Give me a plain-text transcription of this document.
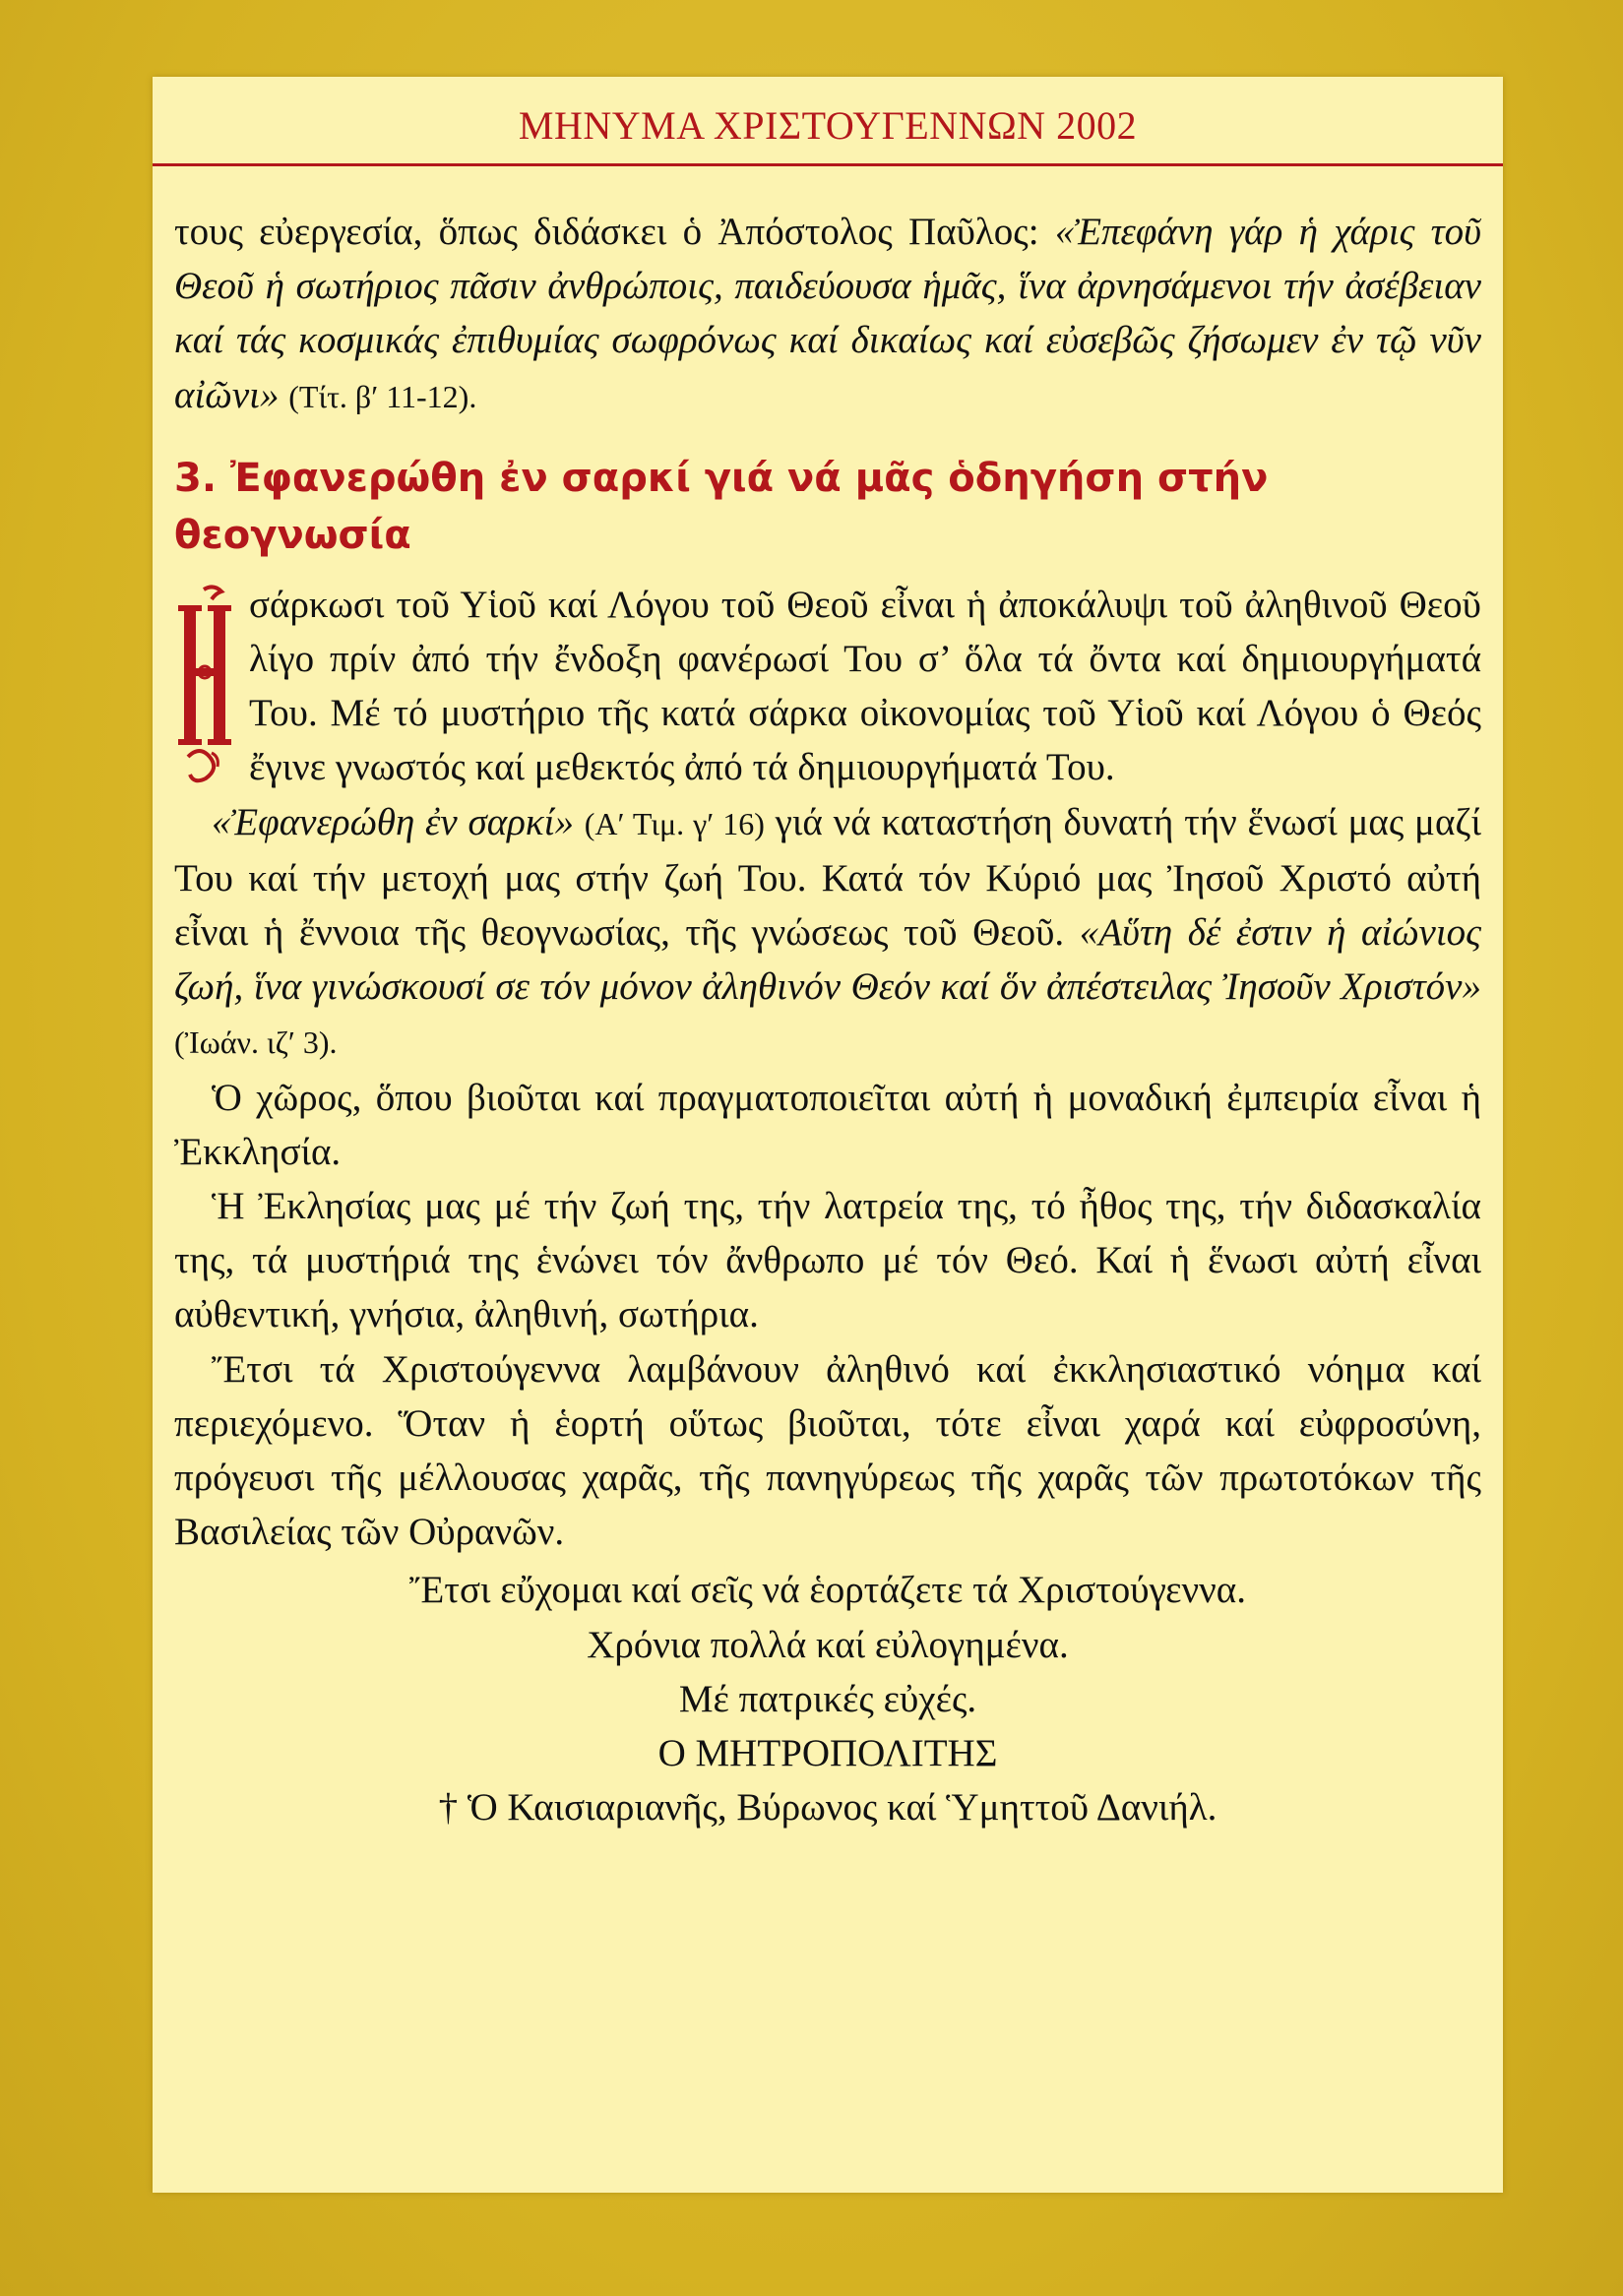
ΜΗΝΥΜΑ ΧΡΙΣΤΟΥΓΕΝΝΩΝ 2002

τους εὐεργεσία, ὅπως διδάσκει ὁ Ἀπόστολος Παῦλος: «Ἐπεφάνη γάρ ἡ χάρις τοῦ Θεοῦ ἡ σωτήριος πᾶσιν ἀνθρώποις, παιδεύουσα ἡμᾶς, ἵνα ἀρνησάμενοι τήν ἀσέβειαν καί τάς κοσμικάς ἐπιθυμίας σωφρόνως καί δικαίως καί εὐσεβῶς ζήσωμεν ἐν τῷ νῦν αἰῶνι» (Τίτ. β′ 11-12).

3. Ἐφανερώθη ἐν σαρκί γιά νά μᾶς ὁδηγήση στήν θεογνωσία

σάρκωσι τοῦ Υἱοῦ καί Λόγου τοῦ Θεοῦ εἶναι ἡ ἀποκάλυψι τοῦ ἀληθινοῦ Θεοῦ λίγο πρίν ἀπό τήν ἔνδοξη φανέρωσί Του σ’ ὅλα τά ὄντα καί δημιουργήματά Του. Μέ τό μυστήριο τῆς κατά σάρκα οἰκονομίας τοῦ Υἱοῦ καί Λόγου ὁ Θεός ἔγινε γνωστός καί μεθεκτός ἀπό τά δημιουργήματά Του.

«Ἐφανερώθη ἐν σαρκί» (Α′ Τιμ. γ′ 16) γιά νά καταστήση δυνατή τήν ἕνωσί μας μαζί Του καί τήν μετοχή μας στήν ζωή Του. Κατά τόν Κύριό μας Ἰησοῦ Χριστό αὐτή εἶναι ἡ ἔννοια τῆς θεογνωσίας, τῆς γνώσεως τοῦ Θεοῦ. «Αὕτη δέ ἐστιν ἡ αἰώνιος ζωή, ἵνα γινώσκουσί σε τόν μόνον ἀληθινόν Θεόν καί ὅν ἀπέστειλας Ἰησοῦν Χριστόν» (Ἰωάν. ιζ′ 3).

Ὁ χῶρος, ὅπου βιοῦται καί πραγματοποιεῖται αὐτή ἡ μοναδική ἐμπειρία εἶναι ἡ Ἐκκλησία.

Ἡ Ἐκλησίας μας μέ τήν ζωή της, τήν λατρεία της, τό ἦθος της, τήν διδασκαλία της, τά μυστήριά της ἑνώνει τόν ἄνθρωπο μέ τόν Θεό. Καί ἡ ἕνωσι αὐτή εἶναι αὐθεντική, γνήσια, ἀληθινή, σωτήρια.

Ἔτσι τά Χριστούγεννα λαμβάνουν ἀληθινό καί ἐκκλησιαστικό νόημα καί περιεχόμενο. Ὅταν ἡ ἑορτή οὕτως βιοῦται, τότε εἶναι χαρά καί εὐφροσύνη, πρόγευσι τῆς μέλλουσας χαρᾶς, τῆς πανηγύρεως τῆς χαρᾶς τῶν πρωτοτόκων τῆς Βασιλείας τῶν Οὐρανῶν.

Ἔτσι εὔχομαι καί σεῖς νά ἑορτάζετε τά Χριστούγεννα.

Χρόνια πολλά καί εὐλογημένα.

Μέ πατρικές εὐχές.

Ο ΜΗΤΡΟΠΟΛΙΤΗΣ

† Ὁ Καισιαριανῆς, Βύρωνος καί Ὑμηττοῦ Δανιήλ.
